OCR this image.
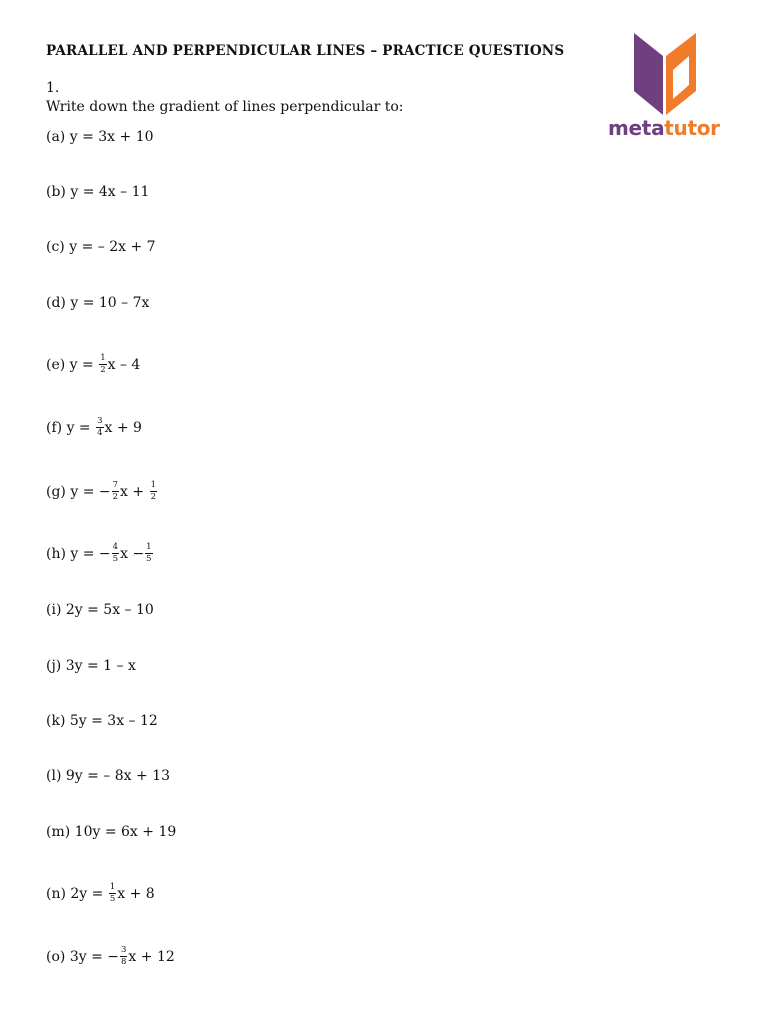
PARALLEL AND PERPENDICULAR LINES – PRACTICE QUESTIONS
metatutor
1.
Write down the gradient of lines perpendicular to:
(a) y = 3x + 10
(b) y = 4x – 11
(c) y = – 2x + 7
(d) y = 10 – 7x
(e) $y = \frac{1}{2}$ x – 4
(f) $y = \frac{3}{4}$ x + 9
(g) y = − $\frac{7}{2}$ $x + \frac{1}{2}$
(h) y = − $\frac{4}{5}$ $x - \frac{1}{5}$
(i) 2y = 5x – 10
(j) 3y = 1 – x
(k) 5y = 3x – 12
(l) 9y = – 8x + 13
(m) 10y = 6x + 19
(n) $2y = \frac{1}{5}$ x + 8
(o) 3y = − $\frac{3}{8}$ x + 12
